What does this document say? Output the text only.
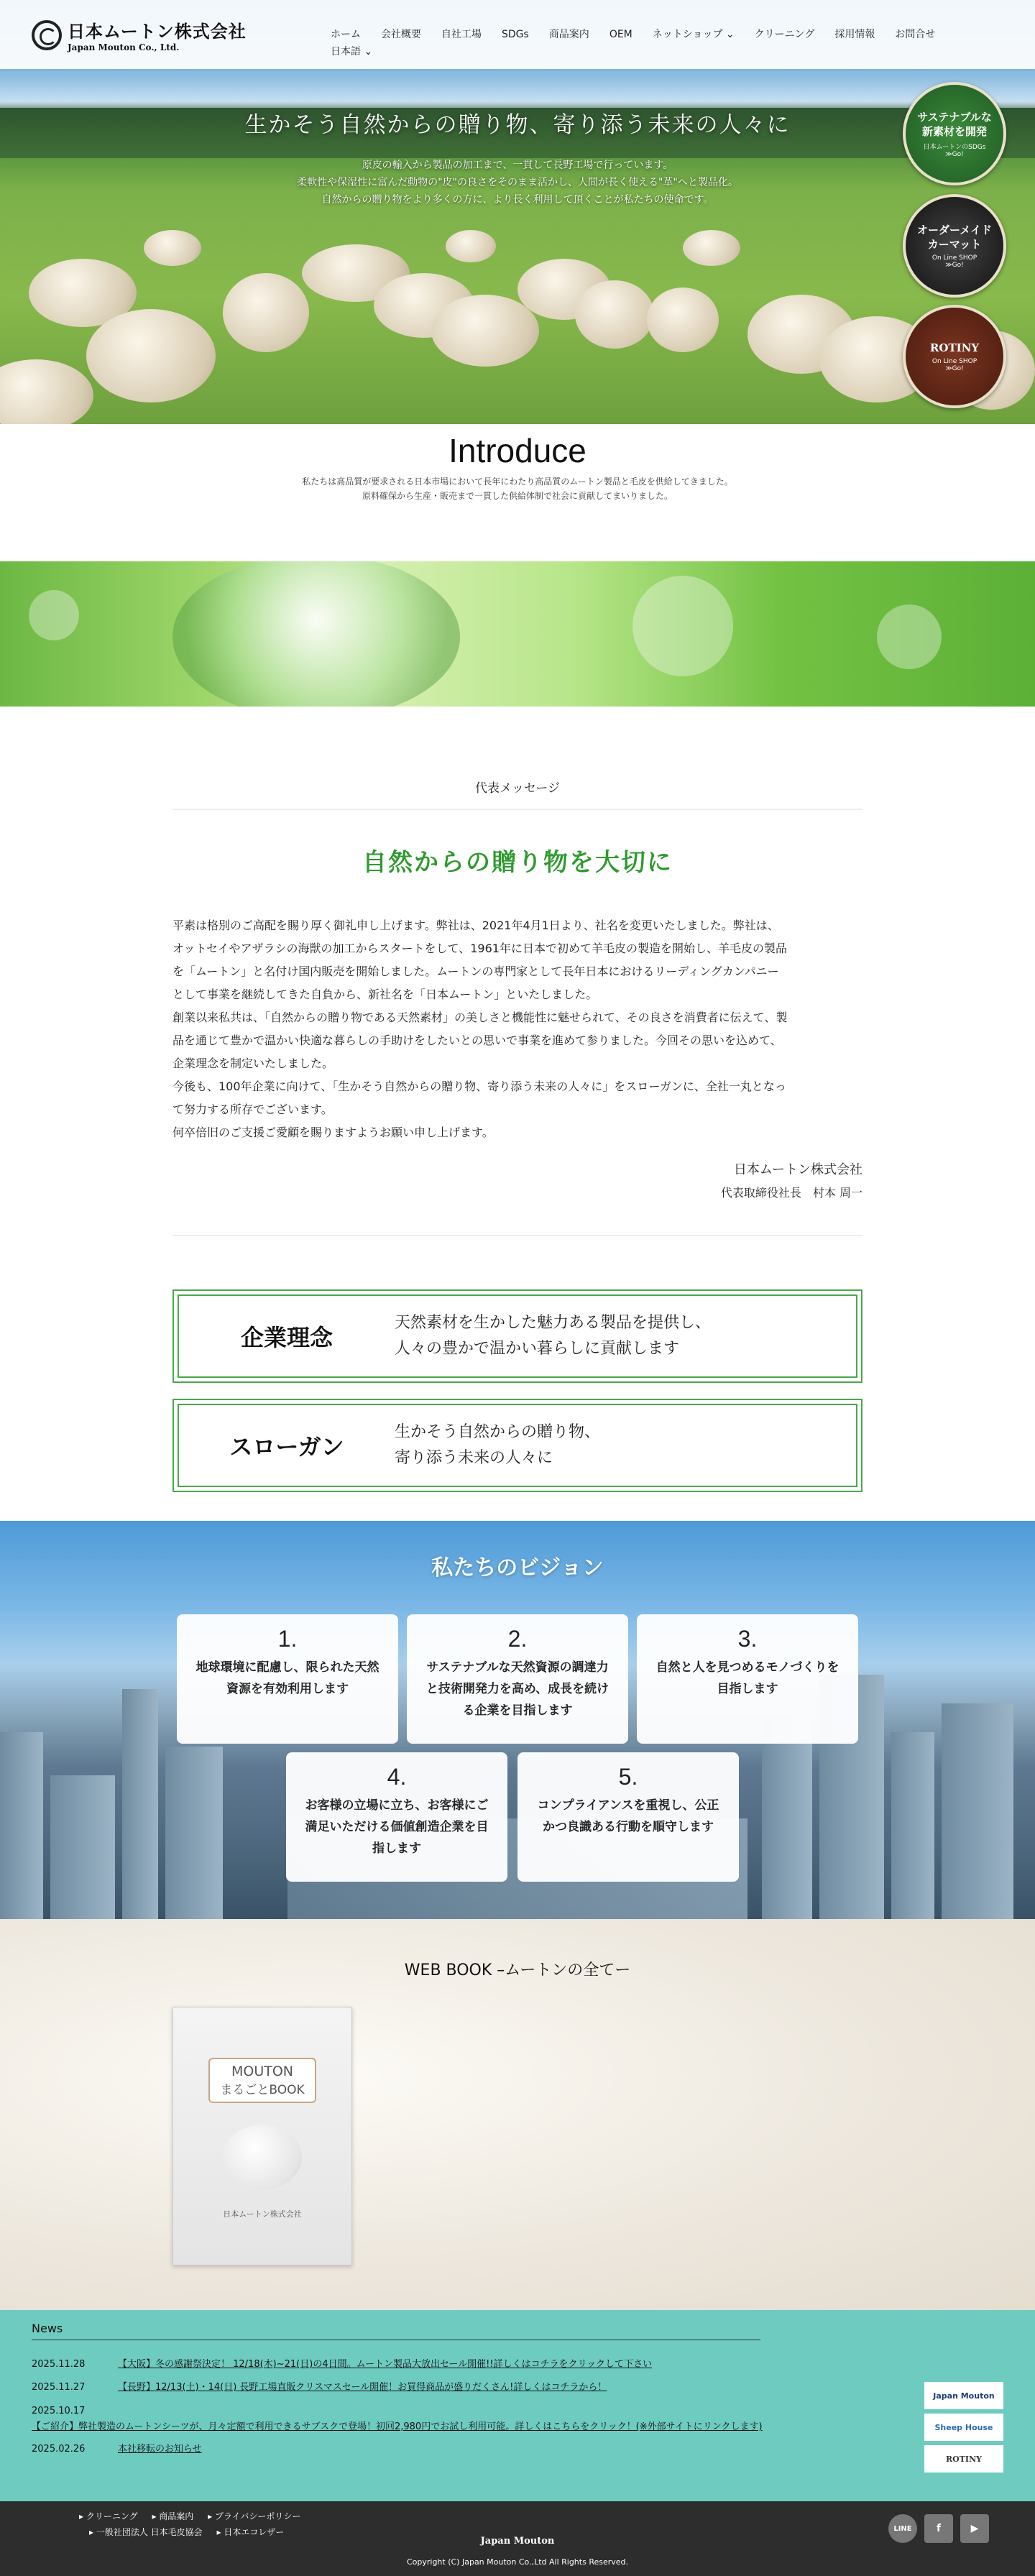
生かそう自然からの贈り物、寄り添う未来の人々に
原皮の輸入から製品の加工まで、一貫して長野工場で行っています。
柔軟性や保湿性に富んだ動物の"皮"の良さをそのまま活かし、人間が長く使える"革"へと製品化。
自然からの贈り物をより多くの方に、より長く利用して頂くことが私たちの使命です。
サステナブルな
新素材を開発
日本ムートンのSDGs
≫Go!
オーダーメイド
カーマット
On Line SHOP
≫Go!
ROTINY
On Line SHOP
≫Go!
日本ムートン株式会社
Japan Mouton Co., Ltd.
ホーム 会社概要 自社工場 SDGs 商品案内 OEM ネットショップ ⌄ クリーニング 採用情報 お問合せ
日本語 ⌄
Introduce

私たちは高品質が要求される日本市場において長年にわたり高品質のムートン製品と毛皮を供給してきました。
原料確保から生産・販売まで一貫した供給体制で社会に貢献してまいりました。

代表メッセージ
自然からの贈り物を大切に
平素は格別のご高配を賜り厚く御礼申し上げます。弊社は、2021年4月1日より、社名を変更いたしました。弊社は、
オットセイやアザラシの海獣の加工からスタートをして、1961年に日本で初めて羊毛皮の製造を開始し、羊毛皮の製品
を「ムートン」と名付け国内販売を開始しました。ムートンの専門家として長年日本におけるリーディングカンパニー
として事業を継続してきた自負から、新社名を「日本ムートン」といたしました。
創業以来私共は、「自然からの贈り物である天然素材」の美しさと機能性に魅せられて、その良さを消費者に伝えて、製
品を通じて豊かで温かい快適な暮らしの手助けをしたいとの思いで事業を進めて参りました。今回その思いを込めて、
企業理念を制定いたしました。
今後も、100年企業に向けて、「生かそう自然からの贈り物、寄り添う未来の人々に」をスローガンに、全社一丸となっ
て努力する所存でございます。
何卒倍旧のご支援ご愛顧を賜りますようお願い申し上げます。
日本ムートン株式会社
代表取締役社長　村本 周一
企業理念
天然素材を生かした魅力ある製品を提供し、
人々の豊かで温かい暮らしに貢献します
スローガン
生かそう自然からの贈り物、
寄り添う未来の人々に
私たちのビジョン
1.
地球環境に配慮し、限られた天然資源を有効利用します
2.
サステナブルな天然資源の調達力と技術開発力を高め、成長を続ける企業を目指します
3.
自然と人を見つめるモノづくりを目指します
4.
お客様の立場に立ち、お客様にご満足いただける価値創造企業を目指します
5.
コンプライアンスを重視し、公正かつ良識ある行動を順守します
WEB BOOK –ムートンの全てー
MOUTON
まるごとBOOK
日本ムートン株式会社
News
2025.11.28	【大阪】冬の感謝祭決定！ 12/18(木)~21(日)の4日間。ムートン製品大放出セール開催!!詳しくはコチラをクリックして下さい
2025.11.27	【長野】12/13(土)・14(日) 長野工場直販クリスマスセール開催！お買得商品が盛りだくさん!詳しくはコチラから！
2025.10.17
【ご紹介】弊社製造のムートンシーツが、月々定額で利用できるサブスクで登場！初回2,980円でお試し利用可能。詳しくはこちらをクリック！(※外部サイトにリンクします)
2025.02.26	本社移転のお知らせ
Japan Mouton
Sheep House
ROTINY
▸ クリーニング ▸ 商品案内 ▸ プライバシーポリシー
▸ 一般社団法人 日本毛皮協会 ▸ 日本エコレザー
Japan Mouton
Copyright (C) Japan Mouton Co.,Ltd All Rights Reserved.
LINE	f	▶
